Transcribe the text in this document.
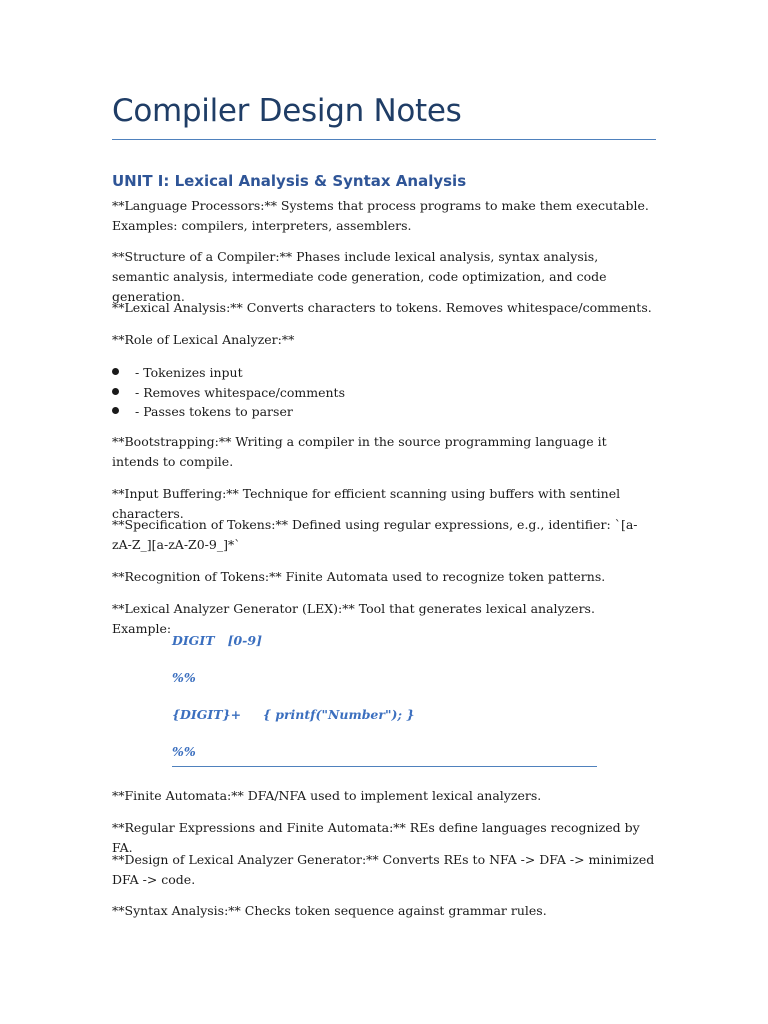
Compiler Design Notes
UNIT I: Lexical Analysis & Syntax Analysis

**Language Processors:** Systems that process programs to make them executable. Examples: compilers, interpreters, assemblers.

**Structure of a Compiler:** Phases include lexical analysis, syntax analysis, semantic analysis, intermediate code generation, code optimization, and code generation.

**Lexical Analysis:** Converts characters to tokens. Removes whitespace/comments.

**Role of Lexical Analyzer:**

- Tokenizes input
- Removes whitespace/comments
- Passes tokens to parser

**Bootstrapping:** Writing a compiler in the source programming language it intends to compile.

**Input Buffering:** Technique for efficient scanning using buffers with sentinel characters.

**Specification of Tokens:** Defined using regular expressions, e.g., identifier: `[a-zA-Z_][a-zA-Z0-9_]*`

**Recognition of Tokens:** Finite Automata used to recognize token patterns.

**Lexical Analyzer Generator (LEX):** Tool that generates lexical analyzers. Example:

DIGIT   [0-9]
%%
{DIGIT}+     { printf("Number"); }
%%

**Finite Automata:** DFA/NFA used to implement lexical analyzers.

**Regular Expressions and Finite Automata:** REs define languages recognized by FA.

**Design of Lexical Analyzer Generator:** Converts REs to NFA -> DFA -> minimized DFA -> code.

**Syntax Analysis:** Checks token sequence against grammar rules.
